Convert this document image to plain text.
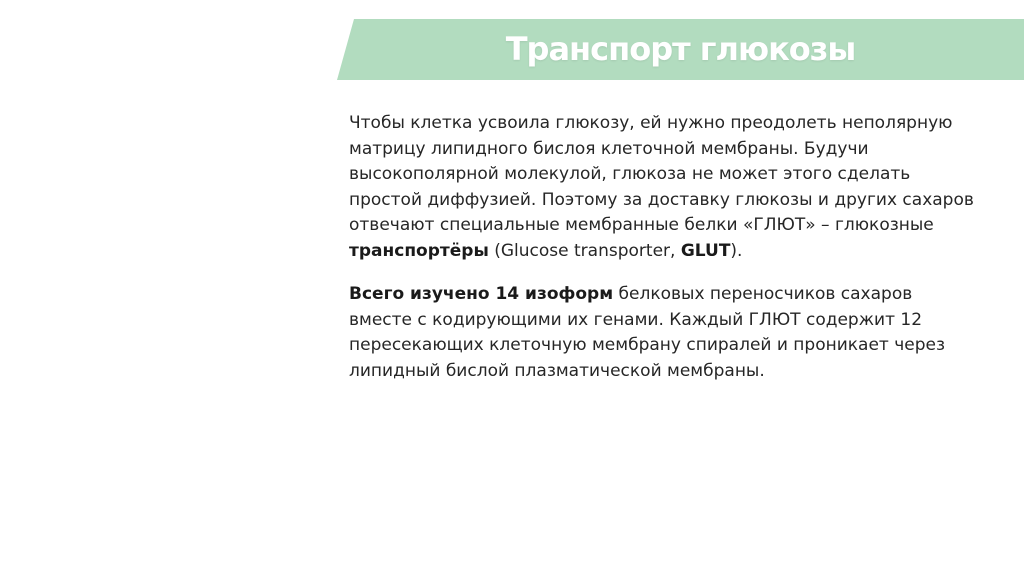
Транспорт глюкозы

Чтобы клетка усвоила глюкозу, ей нужно преодолеть неполярную
матрицу липидного бислоя клеточной мембраны. Будучи
высокополярной молекулой, глюкоза не может этого сделать
простой диффузией. Поэтому за доставку глюкозы и других сахаров
отвечают специальные мембранные белки «ГЛЮТ» – глюкозные
транспортёры (Glucose transporter, GLUT).

Всего изучено 14 изоформ белковых переносчиков сахаров
вместе с кодирующими их генами. Каждый ГЛЮТ содержит 12
пересекающих клеточную мембрану спиралей и проникает через
липидный бислой плазматической мембраны.
